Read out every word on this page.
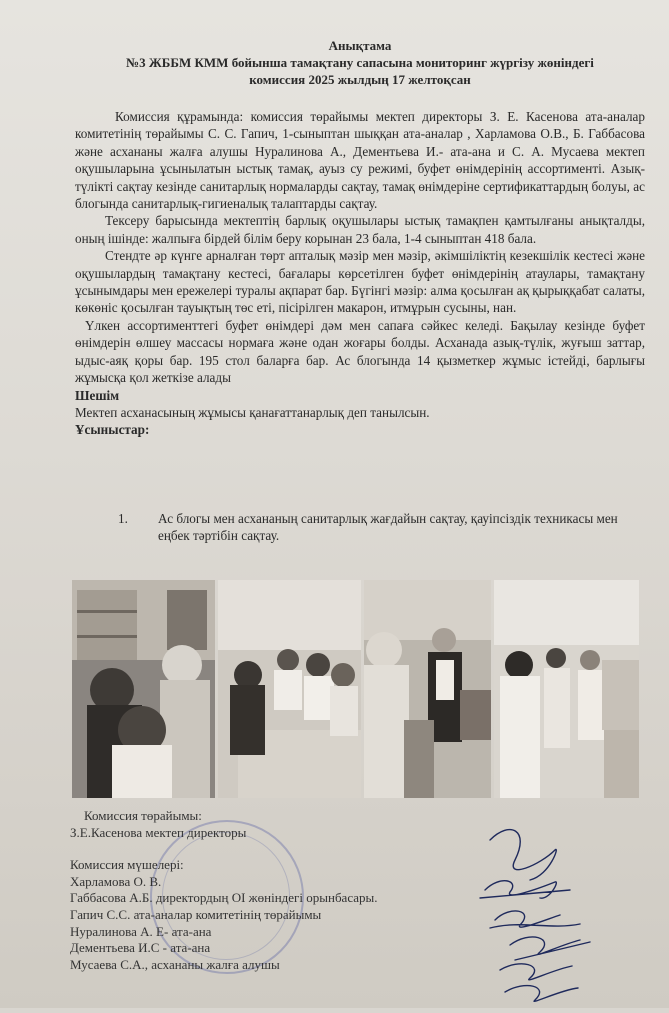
Анықтама
№3 ЖББМ КММ бойынша тамақтану сапасына мониторинг жүргізу жөніндегі
комиссия 2025 жылдың 17 желтоқсан

Комиссия құрамында: комиссия төрайымы мектеп директоры З. Е. Касенова ата-аналар комитетінің төрайымы С. С. Гапич, 1-сыныптан шыққан ата-аналар , Харламова О.В., Б. Габбасова және асхананы жалға алушы Нуралинова А., Дементьева И.- ата-ана и С. А. Мусаева мектеп оқушыларына ұсынылатын ыстық тамақ, ауыз су режимі, буфет өнімдерінің ассортименті. Азық-түлікті сақтау кезінде санитарлық нормаларды сақтау, тамақ өнімдеріне сертификаттардың болуы, ас блогында санитарлық-гигиеналық талаптарды сақтау.

Тексеру барысында мектептің барлық оқушылары ыстық тамақпен қамтылғаны анықталды, оның ішінде: жалпыға бірдей білім беру корынан 23 бала, 1-4 сыныптан 418 бала.

Стендте әр күнге арналған төрт апталық мәзір мен мәзір, әкімшіліктің кезекшілік кестесі және оқушылардың тамақтану кестесі, бағалары көрсетілген буфет өнімдерінің атаулары, тамақтану ұсынымдары мен ережелері туралы ақпарат бар. Бүгінгі мәзір: алма қосылған ақ қырыққабат салаты, көкөніс қосылған тауықтың төс еті, пісірілген макарон, итмұрын сусыны, нан.

Үлкен ассортименттегі буфет өнімдері дәм мен сапаға сәйкес келеді. Бақылау кезінде буфет өнімдерін өлшеу массасы нормаға және одан жоғары болды. Асханада азық-түлік, жуғыш заттар, ыдыс-аяқ қоры бар. 195 стол баларға бар. Ас блогында 14 қызметкер жұмыс істейді, барлығы жұмысқа қол жеткізе алады

Шешім
Мектеп асханасының жұмысы қанағаттанарлық деп танылсын.
Ұсыныстар:
1. Ас блогы мен асхананың санитарлық жағдайын сақтау, қауіпсіздік техникасы мен еңбек тәртібін сақтау.
Комиссия төрайымы:
З.Е.Касенова мектеп директоры
Комиссия мүшелері:
Харламова О. В.
Габбасова А.Б. директордың ОІ жөніндегі орынбасары.
Гапич С.С. ата-аналар комитетінің төрайымы
Нуралинова А. Е- ата-ана
Дементьева И.С - ата-ана
Мусаева С.А., асхананы жалға алушы
